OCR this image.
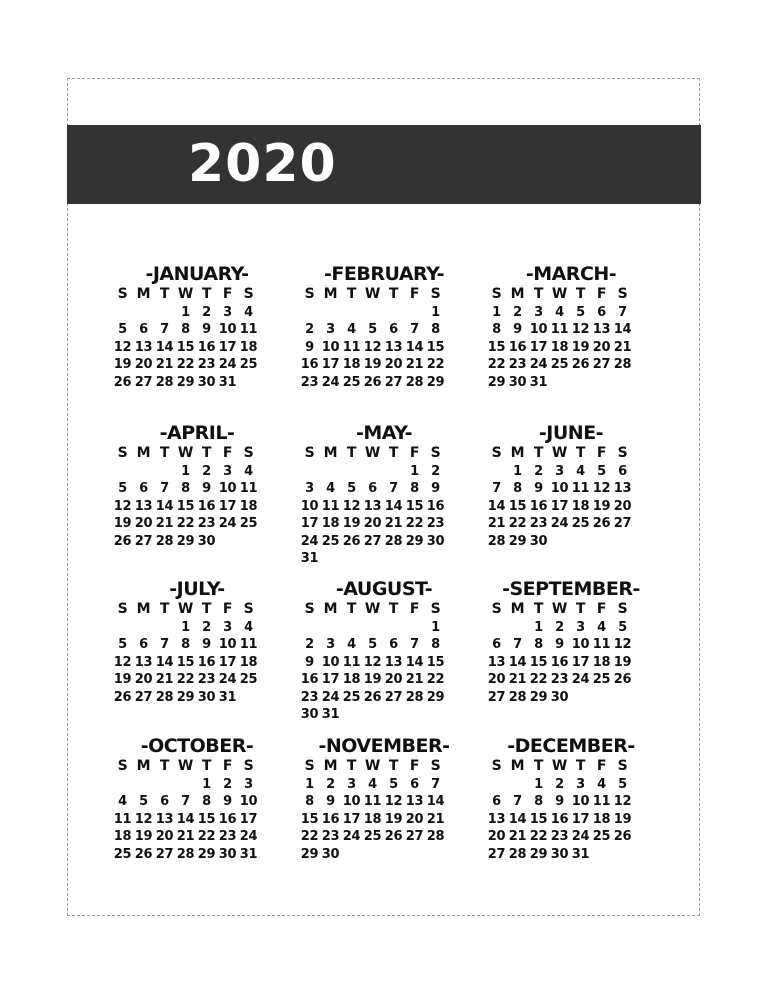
2020
-JANUARY-
S M T W T F S
1 2 3 4
5 6 7 8 9 10 11
12 13 14 15 16 17 18
19 20 21 22 23 24 25
26 27 28 29 30 31
-FEBRUARY-
S M T W T F S
1
2 3 4 5 6 7 8
9 10 11 12 13 14 15
16 17 18 19 20 21 22
23 24 25 26 27 28 29
-MARCH-
S M T W T F S
1 2 3 4 5 6 7
8 9 10 11 12 13 14
15 16 17 18 19 20 21
22 23 24 25 26 27 28
29 30 31
-APRIL-
S M T W T F S
1 2 3 4
5 6 7 8 9 10 11
12 13 14 15 16 17 18
19 20 21 22 23 24 25
26 27 28 29 30
-MAY-
S M T W T F S
1 2
3 4 5 6 7 8 9
10 11 12 13 14 15 16
17 18 19 20 21 22 23
24 25 26 27 28 29 30
31
-JUNE-
S M T W T F S
1 2 3 4 5 6
7 8 9 10 11 12 13
14 15 16 17 18 19 20
21 22 23 24 25 26 27
28 29 30
-JULY-
S M T W T F S
1 2 3 4
5 6 7 8 9 10 11
12 13 14 15 16 17 18
19 20 21 22 23 24 25
26 27 28 29 30 31
-AUGUST-
S M T W T F S
1
2 3 4 5 6 7 8
9 10 11 12 13 14 15
16 17 18 19 20 21 22
23 24 25 26 27 28 29
30 31
-SEPTEMBER-
S M T W T F S
1 2 3 4 5
6 7 8 9 10 11 12
13 14 15 16 17 18 19
20 21 22 23 24 25 26
27 28 29 30
-OCTOBER-
S M T W T F S
1 2 3
4 5 6 7 8 9 10
11 12 13 14 15 16 17
18 19 20 21 22 23 24
25 26 27 28 29 30 31
-NOVEMBER-
S M T W T F S
1 2 3 4 5 6 7
8 9 10 11 12 13 14
15 16 17 18 19 20 21
22 23 24 25 26 27 28
29 30
-DECEMBER-
S M T W T F S
1 2 3 4 5
6 7 8 9 10 11 12
13 14 15 16 17 18 19
20 21 22 23 24 25 26
27 28 29 30 31
